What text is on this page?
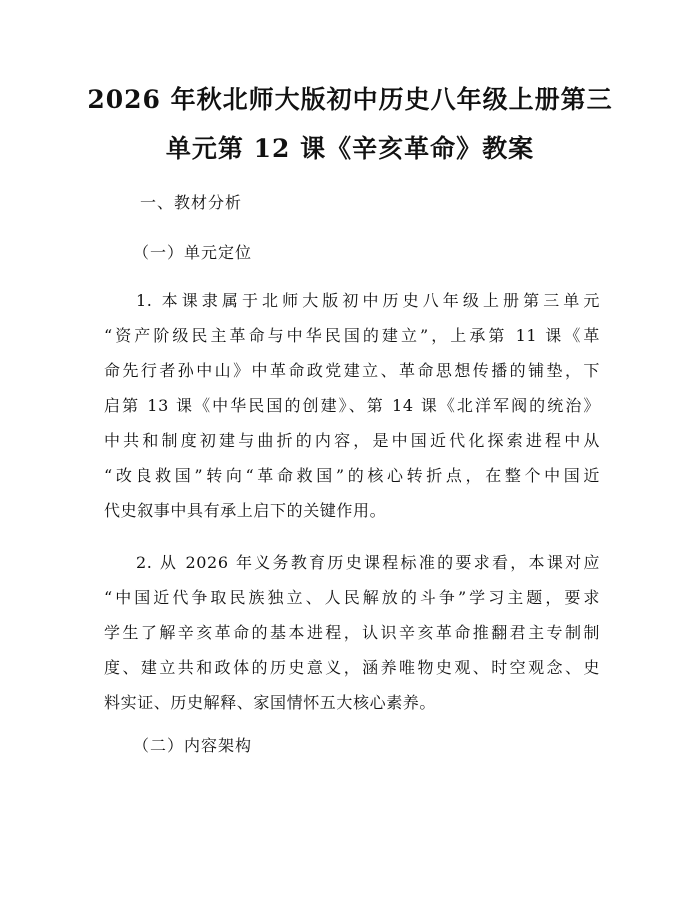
2026 年秋北师大版初中历史八年级上册第三
单元第 12 课《辛亥革命》教案
一、教材分析
（一）单元定位
1. 本课隶属于北师大版初中历史八年级上册第三单元
“资产阶级民主革命与中华民国的建立”，上承第 11 课《革
命先行者孙中山》中革命政党建立、革命思想传播的铺垫，下
启第 13 课《中华民国的创建》、第 14 课《北洋军阀的统治》
中共和制度初建与曲折的内容，是中国近代化探索进程中从
“改良救国”转向“革命救国”的核心转折点，在整个中国近
代史叙事中具有承上启下的关键作用。
2. 从 2026 年义务教育历史课程标准的要求看，本课对应
“中国近代争取民族独立、人民解放的斗争”学习主题，要求
学生了解辛亥革命的基本进程，认识辛亥革命推翻君主专制制
度、建立共和政体的历史意义，涵养唯物史观、时空观念、史
料实证、历史解释、家国情怀五大核心素养。
（二）内容架构
